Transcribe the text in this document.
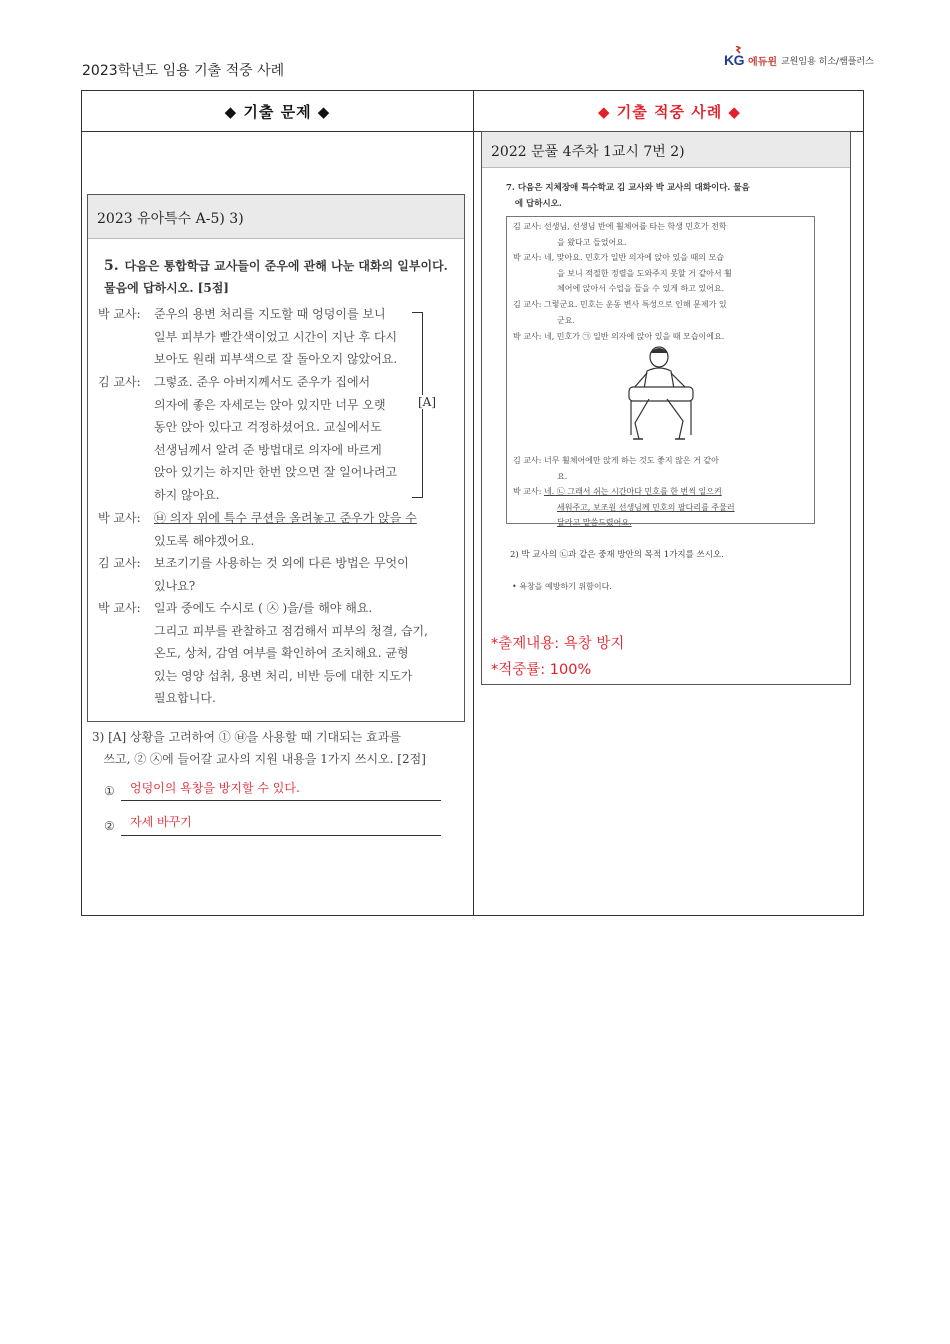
2023학년도 임용 기출 적중 사례
KG 에듀윈 교원임용 히소/쌤플러스
◆ 기출 문제 ◆	◆ 기출 적중 사례 ◆
2023 유아특수 A-5) 3)
5. 다음은 통합학급 교사들이 준우에 관해 나눈 대화의 일부이다. 물음에 답하시오. [5점]
박 교사: 준우의 용변 처리를 지도할 때 엉덩이를 보니
일부 피부가 빨간색이었고 시간이 지난 후 다시
보아도 원래 피부색으로 잘 돌아오지 않았어요.
김 교사: 그렇죠. 준우 아버지께서도 준우가 집에서
의자에 좋은 자세로는 앉아 있지만 너무 오랫
동안 앉아 있다고 걱정하셨어요. 교실에서도
선생님께서 알려 준 방법대로 의자에 바르게
앉아 있기는 하지만 한번 앉으면 잘 일어나려고
하지 않아요.
박 교사: ㉥ 의자 위에 특수 쿠션을 올려놓고 준우가 앉을 수
있도록 해야겠어요.
김 교사: 보조기기를 사용하는 것 외에 다른 방법은 무엇이
있나요?
박 교사: 일과 중에도 수시로 ( ㉦ )을/를 해야 해요.
그리고 피부를 관찰하고 점검해서 피부의 청결, 습기,
온도, 상처, 감염 여부를 확인하여 조치해요. 균형
있는 영양 섭취, 용변 처리, 비반 등에 대한 지도가
필요합니다.
[A]
3) [A] 상황을 고려하여 ① ㉥을 사용할 때 기대되는 효과를
쓰고, ② ㉦에 들어갈 교사의 지원 내용을 1가지 쓰시오. [2점]
① 엉덩이의 욕창을 방지할 수 있다.
② 자세 바꾸기
2022 문풀 4주차 1교시 7번 2)
7. 다음은 지체장애 특수학교 김 교사와 박 교사의 대화이다. 물음
에 답하시오.
김 교사: 선생님, 선생님 반에 휠체어를 타는 학생 민호가 전학
을 왔다고 들었어요.
박 교사: 네, 맞아요. 민호가 일반 의자에 앉아 있을 때의 모습
을 보니 적절한 정렬을 도와주지 못할 거 같아서 휠
체어에 앉아서 수업을 들을 수 있게 하고 있어요.
김 교사: 그렇군요. 민호는 운동 변사 특성으로 인해 문제가 있
군요.
박 교사: 네, 민호가 ㉠ 일반 의자에 앉아 있을 때 모습이에요.
김 교사: 너무 휠체어에만 앉게 하는 것도 좋지 않은 거 같아
요.
박 교사: 네. ㉡ 그래서 쉬는 시간마다 민호를 한 번씩 일으켜
세워주고, 보조원 선생님께 민호의 팔다리를 주물러
달라고 말씀드렸어요.
2) 박 교사의 ㉡과 같은 중재 방안의 목적 1가지를 쓰시오.
• 욕창을 예방하기 위함이다.
*출제내용: 욕창 방지
*적중률: 100%
